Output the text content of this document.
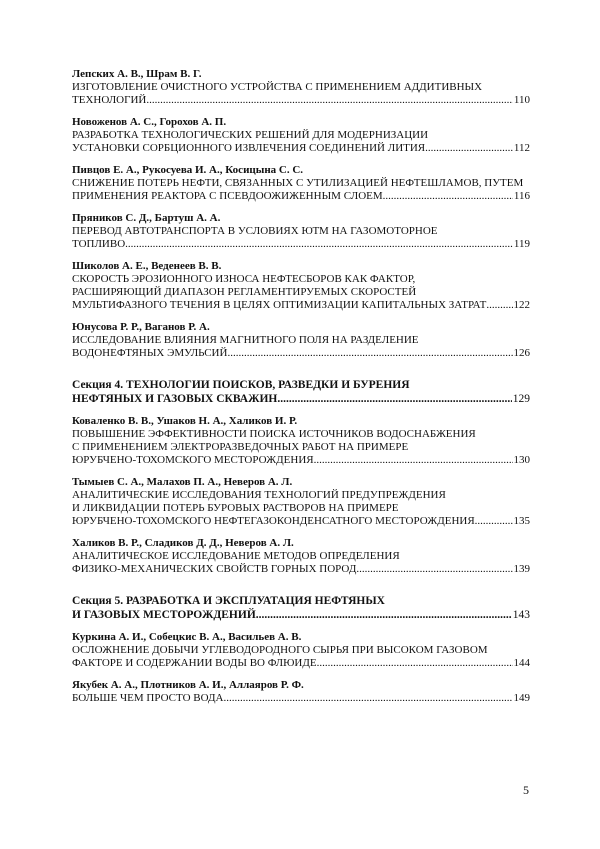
Лепских А. В., Шрам В. Г.
ИЗГОТОВЛЕНИЕ ОЧИСТНОГО УСТРОЙСТВА С ПРИМЕНЕНИЕМ АДДИТИВНЫХ
ТЕХНОЛОГИЙ .....	110
Новоженов А. С., Горохов А. П.
РАЗРАБОТКА ТЕХНОЛОГИЧЕСКИХ РЕШЕНИЙ ДЛЯ МОДЕРНИЗАЦИИ
УСТАНОВКИ СОРБЦИОННОГО ИЗВЛЕЧЕНИЯ СОЕДИНЕНИЙ ЛИТИЯ .....	112
Пивцов Е. А., Рукосуева И. А., Косицына С. С.
СНИЖЕНИЕ ПОТЕРЬ НЕФТИ, СВЯЗАННЫХ С УТИЛИЗАЦИЕЙ НЕФТЕШЛАМОВ, ПУТЕМ
ПРИМЕНЕНИЯ РЕАКТОРА С ПСЕВДООЖИЖЕННЫМ СЛОЕМ .....	116
Пряников С. Д., Бартуш А. А.
ПЕРЕВОД АВТОТРАНСПОРТА В УСЛОВИЯХ ЮТМ НА ГАЗОМОТОРНОЕ
ТОПЛИВО .....	119
Шиколов А. Е., Веденеев В. В.
СКОРОСТЬ ЭРОЗИОННОГО ИЗНОСА НЕФТЕСБОРОВ КАК ФАКТОР,
РАСШИРЯЮЩИЙ ДИАПАЗОН РЕГЛАМЕНТИРУЕМЫХ СКОРОСТЕЙ
МУЛЬТИФАЗНОГО ТЕЧЕНИЯ В ЦЕЛЯХ ОПТИМИЗАЦИИ КАПИТАЛЬНЫХ ЗАТРАТ ..... 122
Юнусова Р. Р., Ваганов Р. А.
ИССЛЕДОВАНИЕ ВЛИЯНИЯ МАГНИТНОГО ПОЛЯ НА РАЗДЕЛЕНИЕ
ВОДОНЕФТЯНЫХ ЭМУЛЬСИЙ .....	126
Секция 4. ТЕХНОЛОГИИ ПОИСКОВ, РАЗВЕДКИ И БУРЕНИЯ
НЕФТЯНЫХ И ГАЗОВЫХ СКВАЖИН .....	129
Коваленко В. В., Ушаков Н. А., Халиков И. Р.
ПОВЫШЕНИЕ ЭФФЕКТИВНОСТИ ПОИСКА ИСТОЧНИКОВ ВОДОСНАБЖЕНИЯ
С ПРИМЕНЕНИЕМ ЭЛЕКТРОРАЗВЕДОЧНЫХ РАБОТ НА ПРИМЕРЕ
ЮРУБЧЕНО-ТОХОМСКОГО МЕСТОРОЖДЕНИЯ .....	130
Тымыев С. А., Малахов П. А., Неверов А. Л.
АНАЛИТИЧЕСКИЕ ИССЛЕДОВАНИЯ ТЕХНОЛОГИЙ ПРЕДУПРЕЖДЕНИЯ
И ЛИКВИДАЦИИ ПОТЕРЬ БУРОВЫХ РАСТВОРОВ НА ПРИМЕРЕ
ЮРУБЧЕНО-ТОХОМСКОГО НЕФТЕГАЗОКОНДЕНСАТНОГО МЕСТОРОЖДЕНИЯ .....	135
Халиков В. Р., Сладиков Д. Д., Неверов А. Л.
АНАЛИТИЧЕСКОЕ ИССЛЕДОВАНИЕ МЕТОДОВ ОПРЕДЕЛЕНИЯ
ФИЗИКО-МЕХАНИЧЕСКИХ СВОЙСТВ ГОРНЫХ ПОРОД .....	139
Секция 5. РАЗРАБОТКА И ЭКСПЛУАТАЦИЯ НЕФТЯНЫХ
И ГАЗОВЫХ МЕСТОРОЖДЕНИЙ .....	143
Куркина А. И., Собецкис В. А., Васильев А. В.
ОСЛОЖНЕНИЕ ДОБЫЧИ УГЛЕВОДОРОДНОГО СЫРЬЯ ПРИ ВЫСОКОМ ГАЗОВОМ
ФАКТОРЕ И СОДЕРЖАНИИ ВОДЫ ВО ФЛЮИДЕ .....	144
Якубек А. А., Плотников А. И., Аллаяров Р. Ф.
БОЛЬШЕ ЧЕМ ПРОСТО ВОДА .....	149
5
